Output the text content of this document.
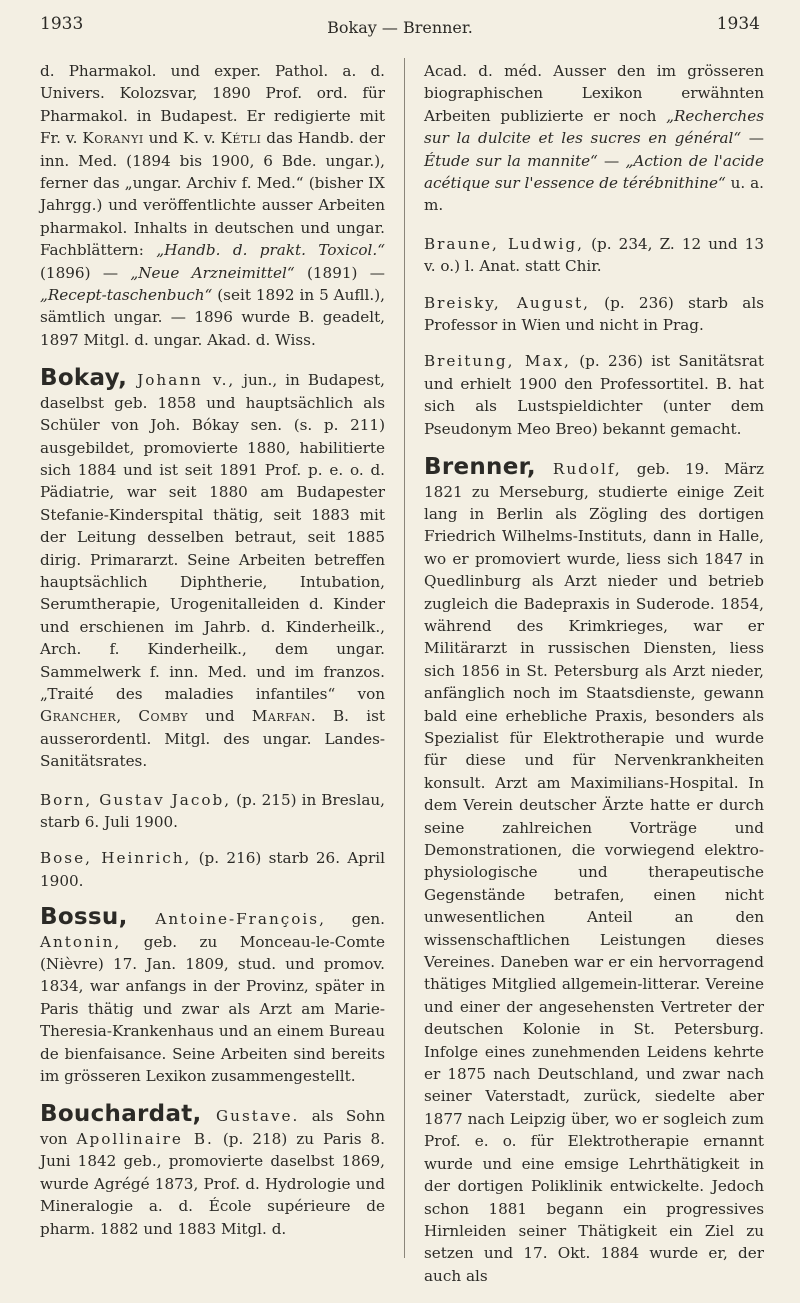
1933	Bokay — Brenner.	1934

d. Pharmakol. und exper. Pathol. a. d. Univers. Kolozsvar, 1890 Prof. ord. für Pharmakol. in Budapest. Er redigierte mit Fr. v. Koranyi und K. v. Kétli das Handb. der inn. Med. (1894 bis 1900, 6 Bde. ungar.), ferner das „ungar. Archiv f. Med.“ (bisher IX Jahrgg.) und veröffentlichte ausser Arbeiten pharmakol. Inhalts in deutschen und ungar. Fachblättern: „Handb. d. prakt. Toxicol.“ (1896) — „Neue Arzneimittel“ (1891) — „Recept-taschenbuch“ (seit 1892 in 5 Aufll.), sämtlich ungar. — 1896 wurde B. geadelt, 1897 Mitgl. d. ungar. Akad. d. Wiss.

Bokay, Johann v., jun., in Budapest, daselbst geb. 1858 und hauptsächlich als Schüler von Joh. Bókay sen. (s. p. 211) ausgebildet, promovierte 1880, habilitierte sich 1884 und ist seit 1891 Prof. p. e. o. d. Pädiatrie, war seit 1880 am Budapester Stefanie-Kinderspital thätig, seit 1883 mit der Leitung desselben betraut, seit 1885 dirig. Primararzt. Seine Arbeiten betreffen hauptsächlich Diphtherie, Intubation, Serumtherapie, Urogenitalleiden d. Kinder und erschienen im Jahrb. d. Kinderheilk., Arch. f. Kinderheilk., dem ungar. Sammelwerk f. inn. Med. und im franzos. „Traité des maladies infantiles“ von Grancher, Comby und Marfan. B. ist ausserordentl. Mitgl. des ungar. Landes-Sanitätsrates.

Born, Gustav Jacob, (p. 215) in Breslau, starb 6. Juli 1900.

Bose, Heinrich, (p. 216) starb 26. April 1900.

Bossu, Antoine-François, gen. Antonin, geb. zu Monceau-le-Comte (Nièvre) 17. Jan. 1809, stud. und promov. 1834, war anfangs in der Provinz, später in Paris thätig und zwar als Arzt am Marie-Theresia-Krankenhaus und an einem Bureau de bienfaisance. Seine Arbeiten sind bereits im grösseren Lexikon zusammengestellt.

Bouchardat, Gustave. als Sohn von Apollinaire B. (p. 218) zu Paris 8. Juni 1842 geb., promovierte daselbst 1869, wurde Agrégé 1873, Prof. d. Hydrologie und Mineralogie a. d. École supérieure de pharm. 1882 und 1883 Mitgl. d.

Acad. d. méd. Ausser den im grösseren biographischen Lexikon erwähnten Arbeiten publizierte er noch „Recherches sur la dulcite et les sucres en général“ — Étude sur la mannite“ — „Action de l'acide acétique sur l'essence de térébnithine“ u. a. m.

Braune, Ludwig, (p. 234, Z. 12 und 13 v. o.) l. Anat. statt Chir.

Breisky, August, (p. 236) starb als Professor in Wien und nicht in Prag.

Breitung, Max, (p. 236) ist Sanitätsrat und erhielt 1900 den Professortitel. B. hat sich als Lustspieldichter (unter dem Pseudonym Meo Breo) bekannt gemacht.

Brenner, Rudolf, geb. 19. März 1821 zu Merseburg, studierte einige Zeit lang in Berlin als Zögling des dortigen Friedrich Wilhelms-Instituts, dann in Halle, wo er promoviert wurde, liess sich 1847 in Quedlinburg als Arzt nieder und betrieb zugleich die Badepraxis in Suderode. 1854, während des Krimkrieges, war er Militärarzt in russischen Diensten, liess sich 1856 in St. Petersburg als Arzt nieder, anfänglich noch im Staatsdienste, gewann bald eine erhebliche Praxis, besonders als Spezialist für Elektrotherapie und wurde für diese und für Nervenkrankheiten konsult. Arzt am Maximilians-Hospital. In dem Verein deutscher Ärzte hatte er durch seine zahlreichen Vorträge und Demonstrationen, die vorwiegend elektro-physiologische und therapeutische Gegenstände betrafen, einen nicht unwesentlichen Anteil an den wissenschaftlichen Leistungen dieses Vereines. Daneben war er ein hervorragend thätiges Mitglied allgemein-litterar. Vereine und einer der angesehensten Vertreter der deutschen Kolonie in St. Petersburg. Infolge eines zunehmenden Leidens kehrte er 1875 nach Deutschland, und zwar nach seiner Vaterstadt, zurück, siedelte aber 1877 nach Leipzig über, wo er sogleich zum Prof. e. o. für Elektrotherapie ernannt wurde und eine emsige Lehrthätigkeit in der dortigen Poliklinik entwickelte. Jedoch schon 1881 begann ein progressives Hirnleiden seiner Thätigkeit ein Ziel zu setzen und 17. Okt. 1884 wurde er, der auch als
